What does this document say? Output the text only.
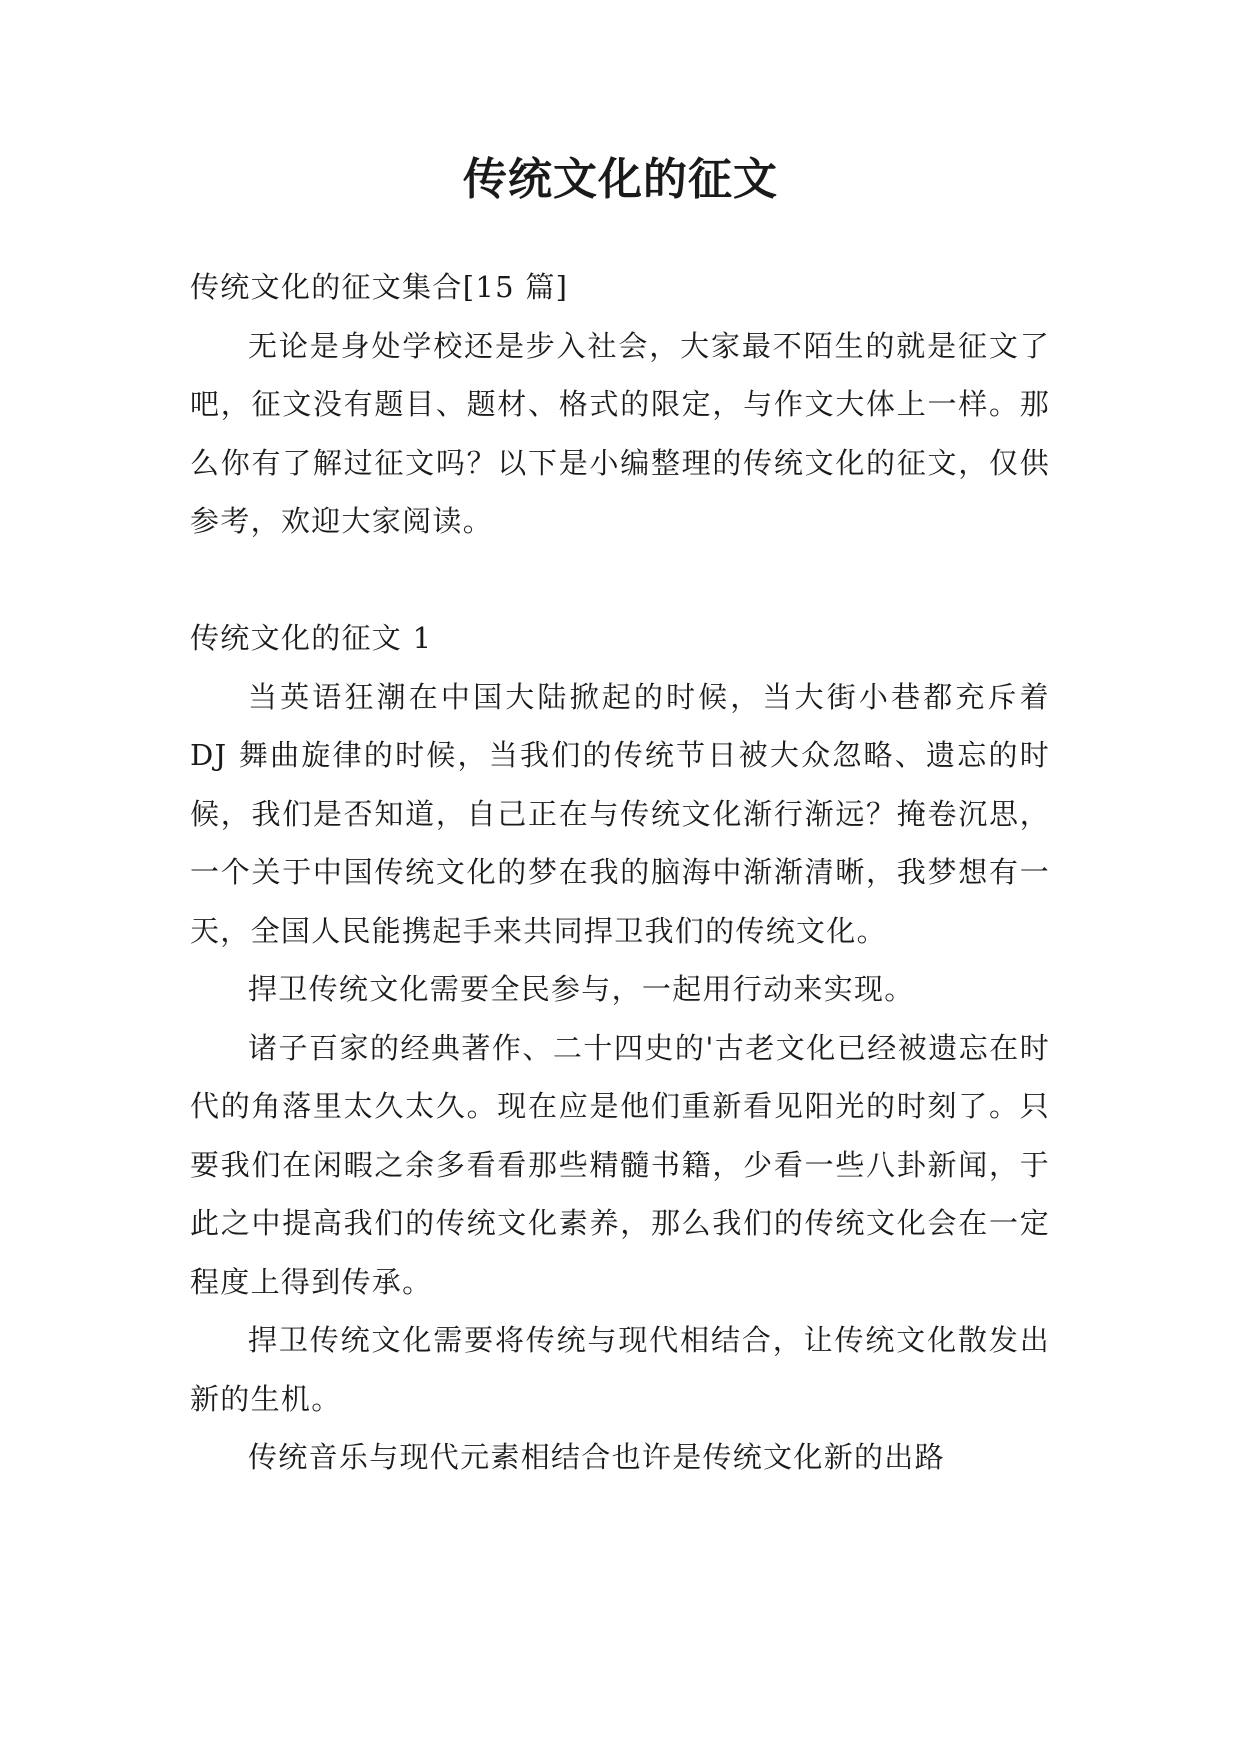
传统文化的征文

传统文化的征文集合[15 篇]

无论是身处学校还是步入社会，大家最不陌生的就是征文了吧，征文没有题目、题材、格式的限定，与作文大体上一样。那么你有了解过征文吗？以下是小编整理的传统文化的征文，仅供参考，欢迎大家阅读。

传统文化的征文 1

当英语狂潮在中国大陆掀起的时候，当大街小巷都充斥着 DJ 舞曲旋律的时候，当我们的传统节日被大众忽略、遗忘的时候，我们是否知道，自己正在与传统文化渐行渐远？掩卷沉思，一个关于中国传统文化的梦在我的脑海中渐渐清晰，我梦想有一天，全国人民能携起手来共同捍卫我们的传统文化。

捍卫传统文化需要全民参与，一起用行动来实现。

诸子百家的经典著作、二十四史的'古老文化已经被遗忘在时代的角落里太久太久。现在应是他们重新看见阳光的时刻了。只要我们在闲暇之余多看看那些精髓书籍，少看一些八卦新闻，于此之中提高我们的传统文化素养，那么我们的传统文化会在一定程度上得到传承。

捍卫传统文化需要将传统与现代相结合，让传统文化散发出新的生机。

传统音乐与现代元素相结合也许是传统文化新的出路
